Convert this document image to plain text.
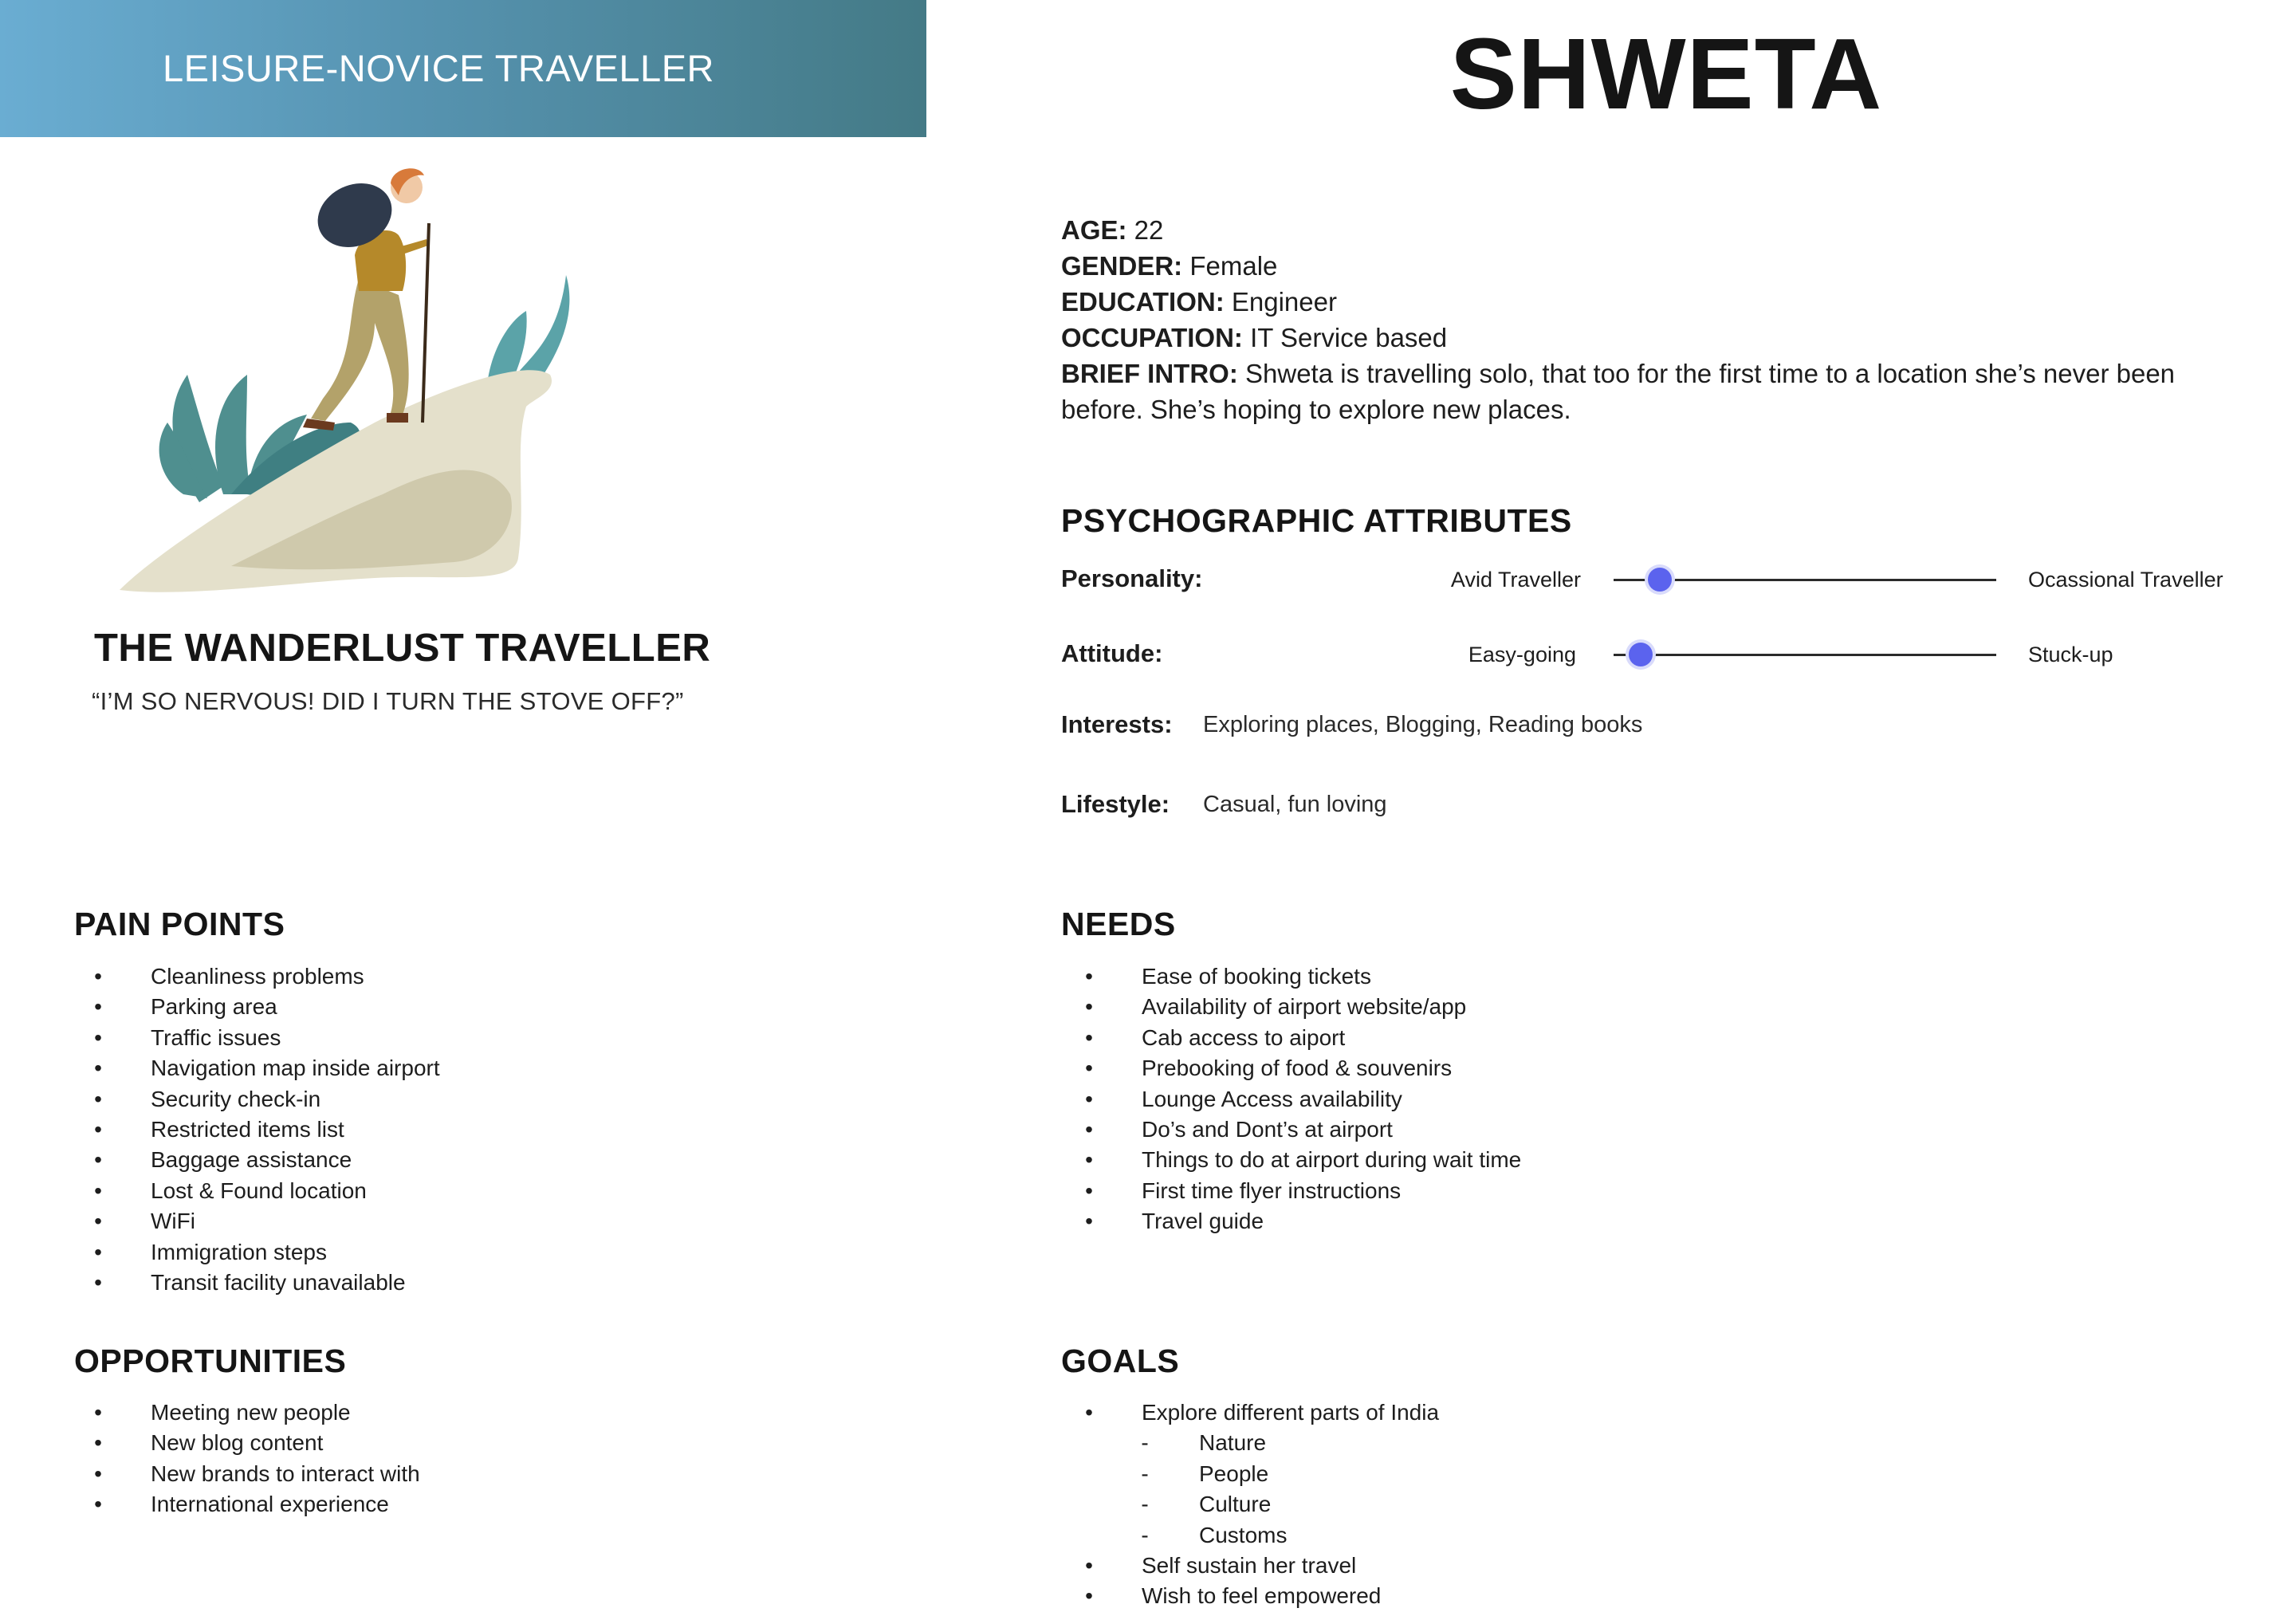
LEISURE-NOVICE TRAVELLER	SHWETA
THE WANDERLUST TRAVELLER
“I’M SO NERVOUS! DID I TURN THE STOVE OFF?”

AGE: 22

GENDER: Female

EDUCATION: Engineer

OCCUPATION: IT Service based

BRIEF INTRO: Shweta is travelling solo, that too for the first time to a location she’s never been before. She’s hoping to explore new places.

PSYCHOGRAPHIC ATTRIBUTES
Personality:	Avid Traveller	Ocassional Traveller
Attitude:	Easy-going	Stuck-up
Interests: Exploring places, Blogging, Reading books
Lifestyle: Casual, fun loving
PAIN POINTS
• Cleanliness problems
• Parking area
• Traffic issues
• Navigation map inside airport
• Security check-in
• Restricted items list
• Baggage assistance
• Lost & Found location
• WiFi
• Immigration steps
• Transit facility unavailable
OPPORTUNITIES
• Meeting new people
• New blog content
• New brands to interact with
• International experience
NEEDS
• Ease of booking tickets
• Availability of airport website/app
• Cab access to aiport
• Prebooking of food & souvenirs
• Lounge Access availability
• Do’s and Dont’s at airport
• Things to do at airport during wait time
• First time flyer instructions
• Travel guide
GOALS
• Explore different parts of India
- Nature
- People
- Culture
- Customs
• Self sustain her travel
• Wish to feel empowered
